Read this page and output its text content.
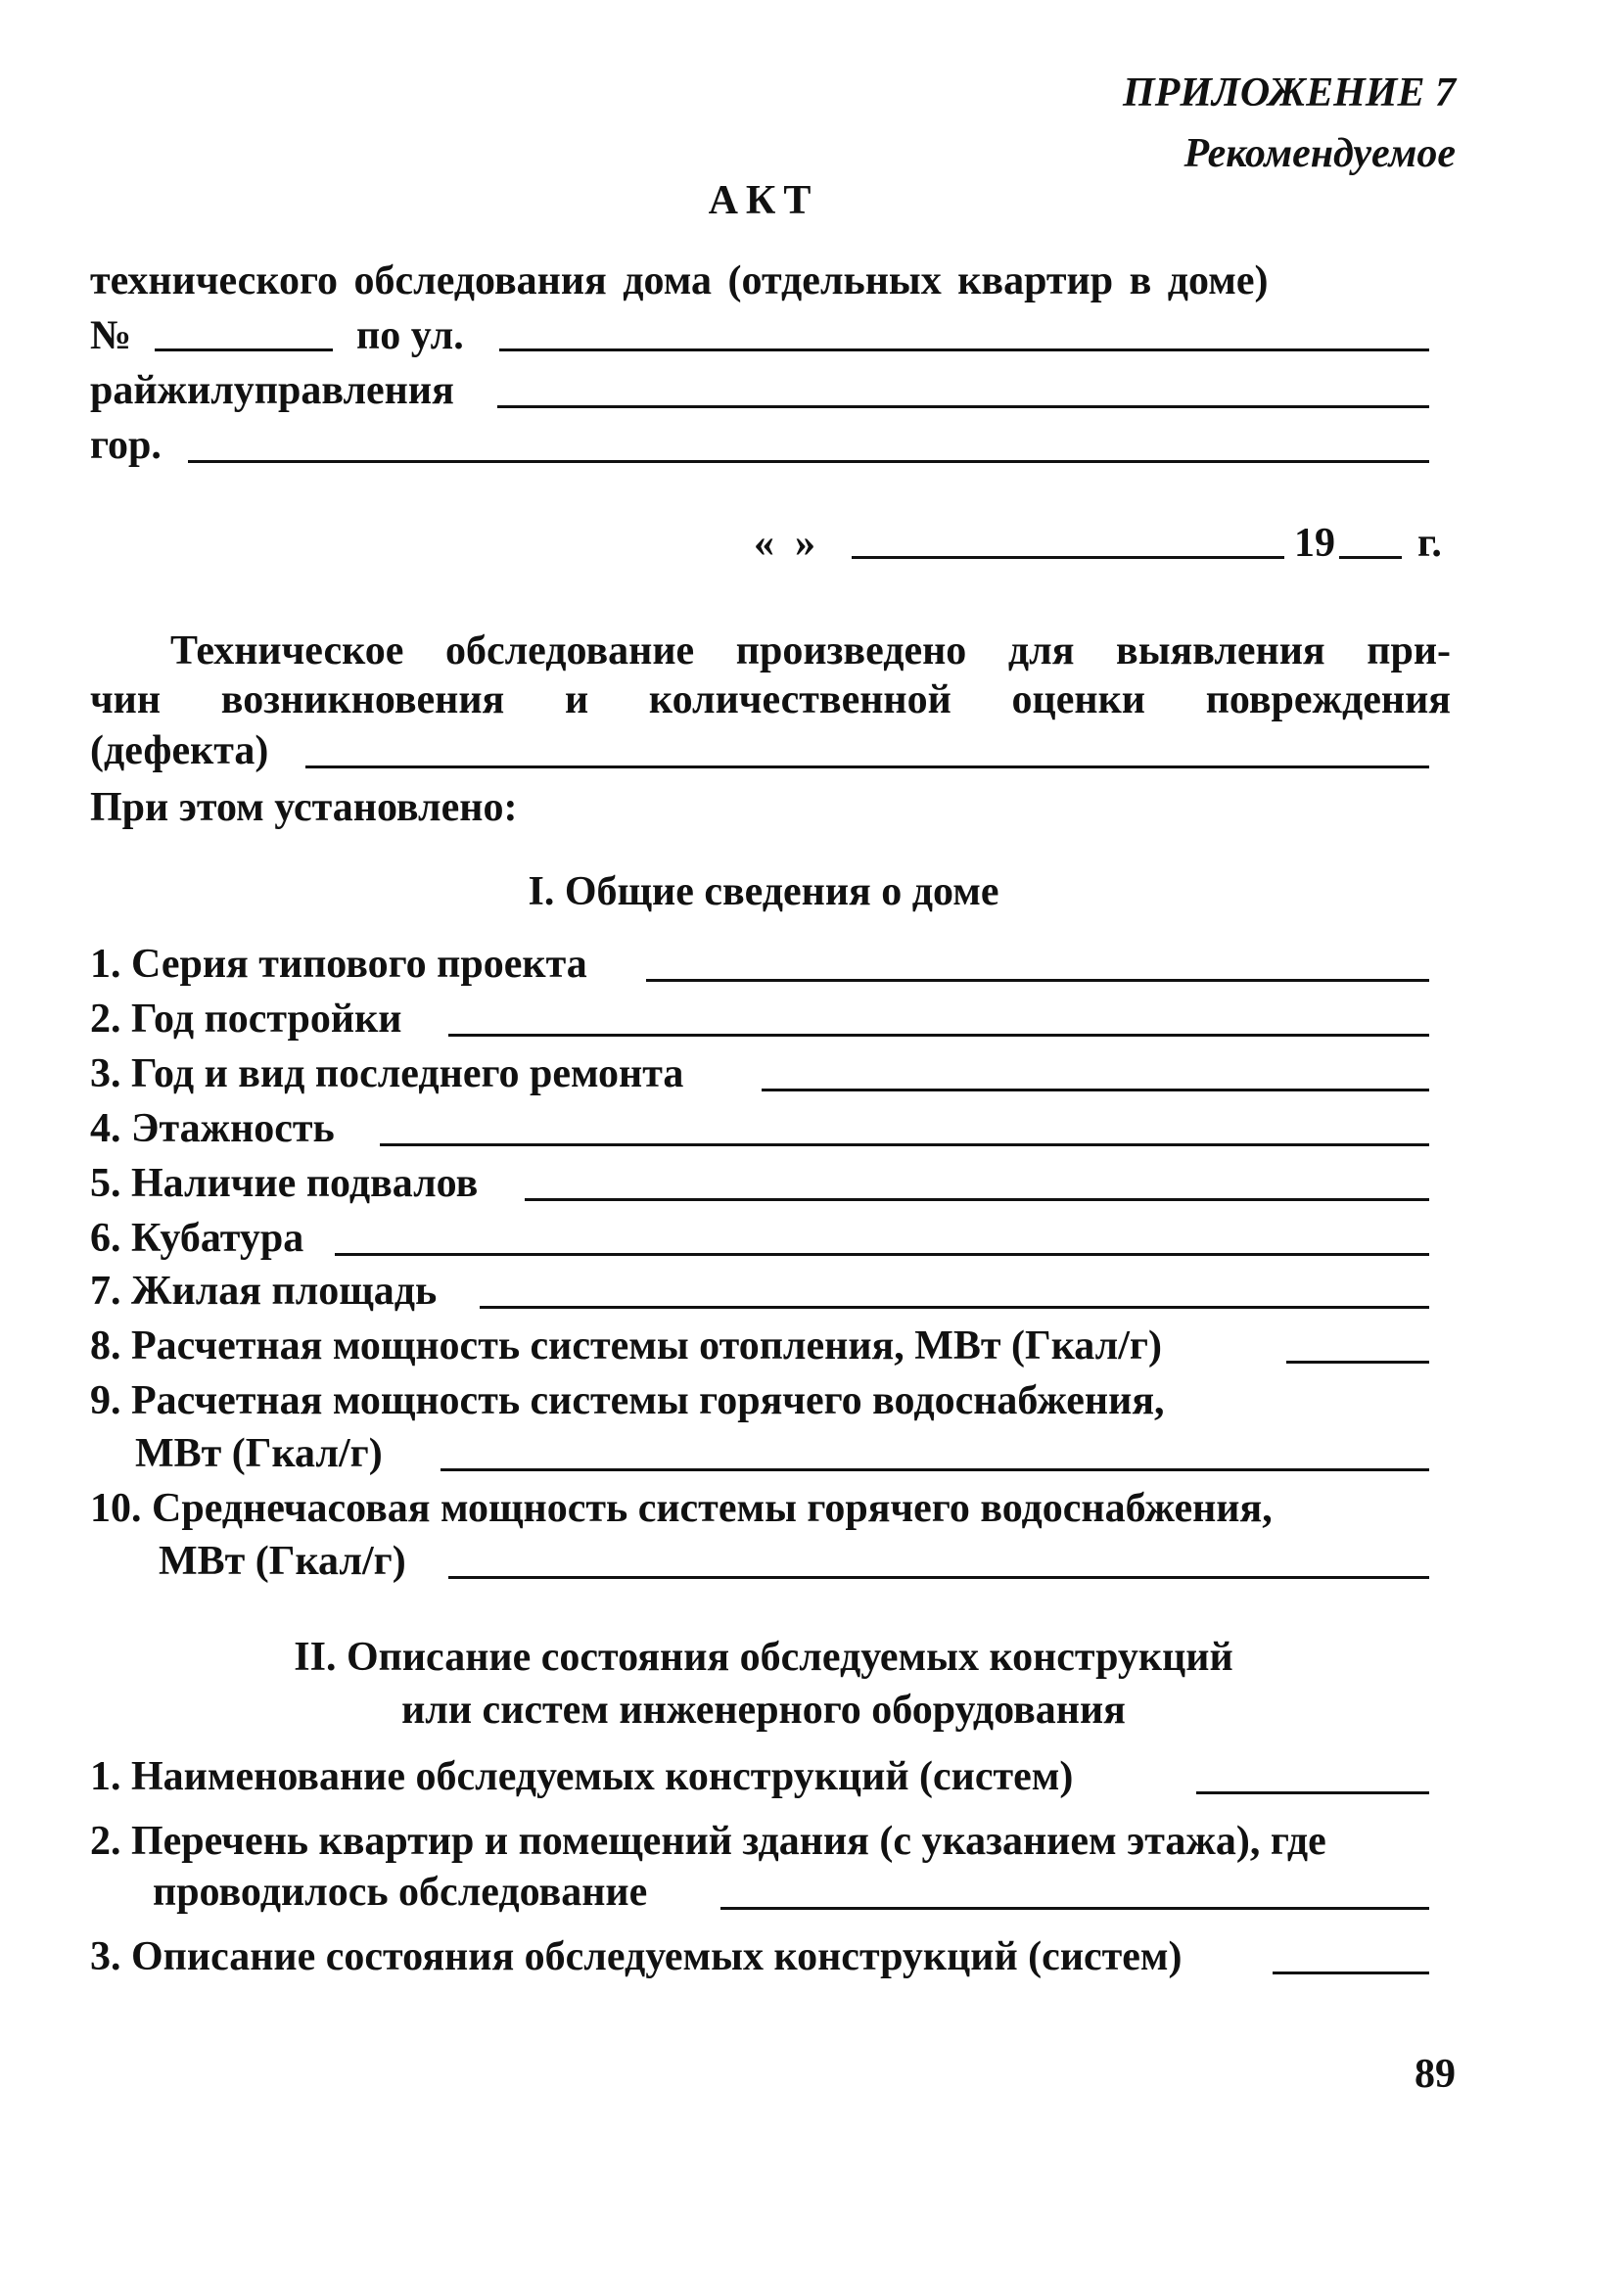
ПРИЛОЖЕНИЕ 7
Рекомендуемое
АКТ
технического обследования дома (отдельных квартир в доме)
№	по ул.
райжилуправления
гор.
« »	19 г.
Техническое обследование произведено для выявления при-
чин возникновения и количественной оценки повреждения
(дефекта)
При этом установлено:
I. Общие сведения о доме
1. Серия типового проекта
2. Год постройки
3. Год и вид последнего ремонта
4. Этажность
5. Наличие подвалов
6. Кубатура
7. Жилая площадь
8. Расчетная мощность системы отопления, МВт (Гкал/г)
9. Расчетная мощность системы горячего водоснабжения,
МВт (Гкал/г)
10. Среднечасовая мощность системы горячего водоснабжения,
МВт (Гкал/г)
II. Описание состояния обследуемых конструкций
или систем инженерного оборудования
1. Наименование обследуемых конструкций (систем)
2. Перечень квартир и помещений здания (с указанием этажа), где
проводилось обследование
3. Описание состояния обследуемых конструкций (систем)
89
